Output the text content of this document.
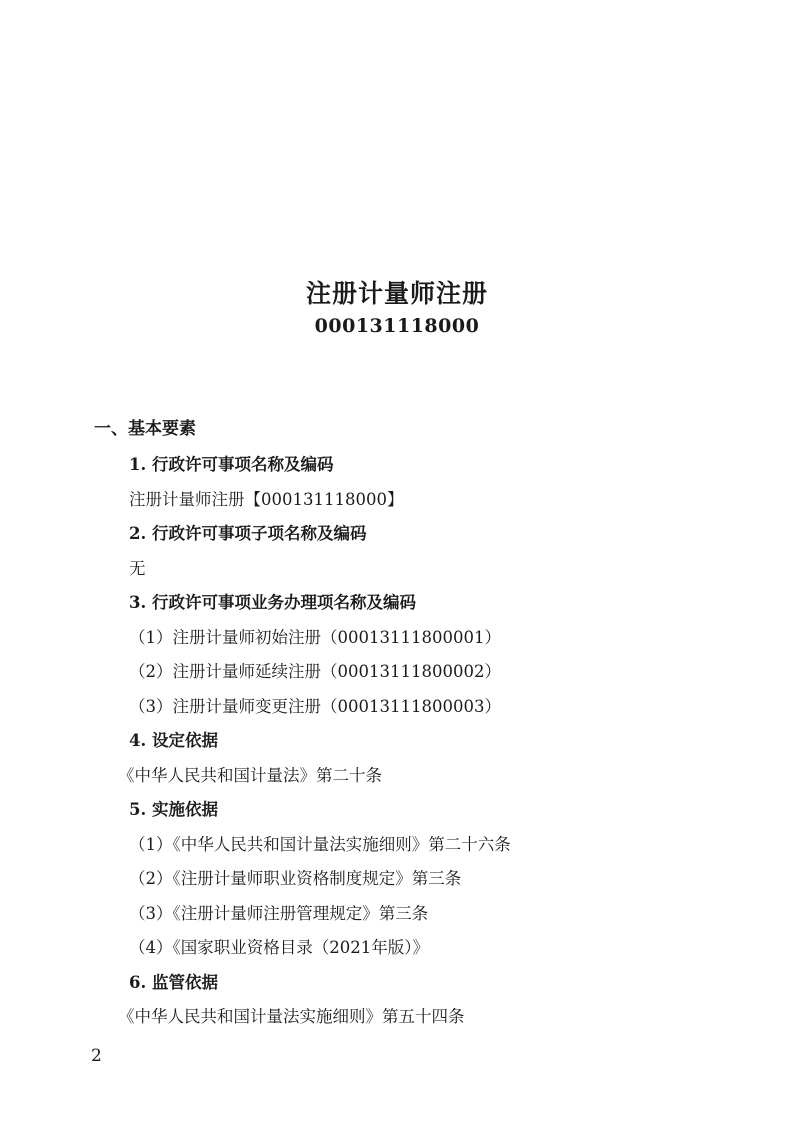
注册计量师注册
000131118000
一、基本要素
1. 行政许可事项名称及编码
注册计量师注册【000131118000】
2. 行政许可事项子项名称及编码
无
3. 行政许可事项业务办理项名称及编码
（1）注册计量师初始注册（00013111800001）
（2）注册计量师延续注册（00013111800002）
（3）注册计量师变更注册（00013111800003）
4. 设定依据
《中华人民共和国计量法》第二十条
5. 实施依据
（1）《中华人民共和国计量法实施细则》第二十六条
（2）《注册计量师职业资格制度规定》第三条
（3）《注册计量师注册管理规定》第三条
（4）《国家职业资格目录（2021年版）》
6. 监管依据
《中华人民共和国计量法实施细则》第五十四条
2
